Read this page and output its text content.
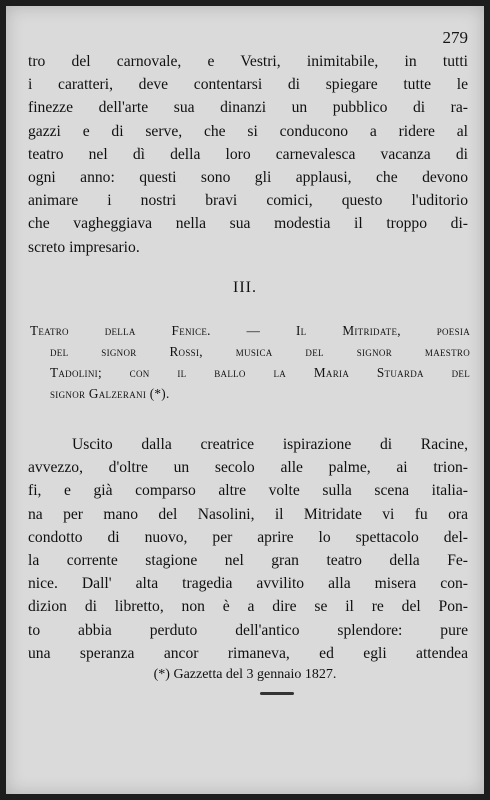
279
tro del carnovale, e Vestri, inimitabile, in tutti
i caratteri, deve contentarsi di spiegare tutte le
finezze dell'arte sua dinanzi un pubblico di ra-
gazzi e di serve, che si conducono a ridere al
teatro nel dì della loro carnevalesca vacanza di
ogni anno: questi sono gli applausi, che devono
animare i nostri bravi comici, questo l'uditorio
che vagheggiava nella sua modestia il troppo di-
screto impresario.
III.
Teatro della Fenice. — Il Mitridate, poesia
del signor Rossi, musica del signor maestro
Tadolini; con il ballo la Maria Stuarda del
signor Galzerani (*).
Uscito dalla creatrice ispirazione di Racine,
avvezzo, d'oltre un secolo alle palme, ai trion-
fi, e già comparso altre volte sulla scena italia-
na per mano del Nasolini, il Mitridate vi fu ora
condotto di nuovo, per aprire lo spettacolo del-
la corrente stagione nel gran teatro della Fe-
nice. Dall' alta tragedia avvilito alla misera con-
dizion di libretto, non è a dire se il re del Pon-
to abbia perduto dell'antico splendore: pure
una speranza ancor rimaneva, ed egli attendea
(*) Gazzetta del 3 gennaio 1827.
